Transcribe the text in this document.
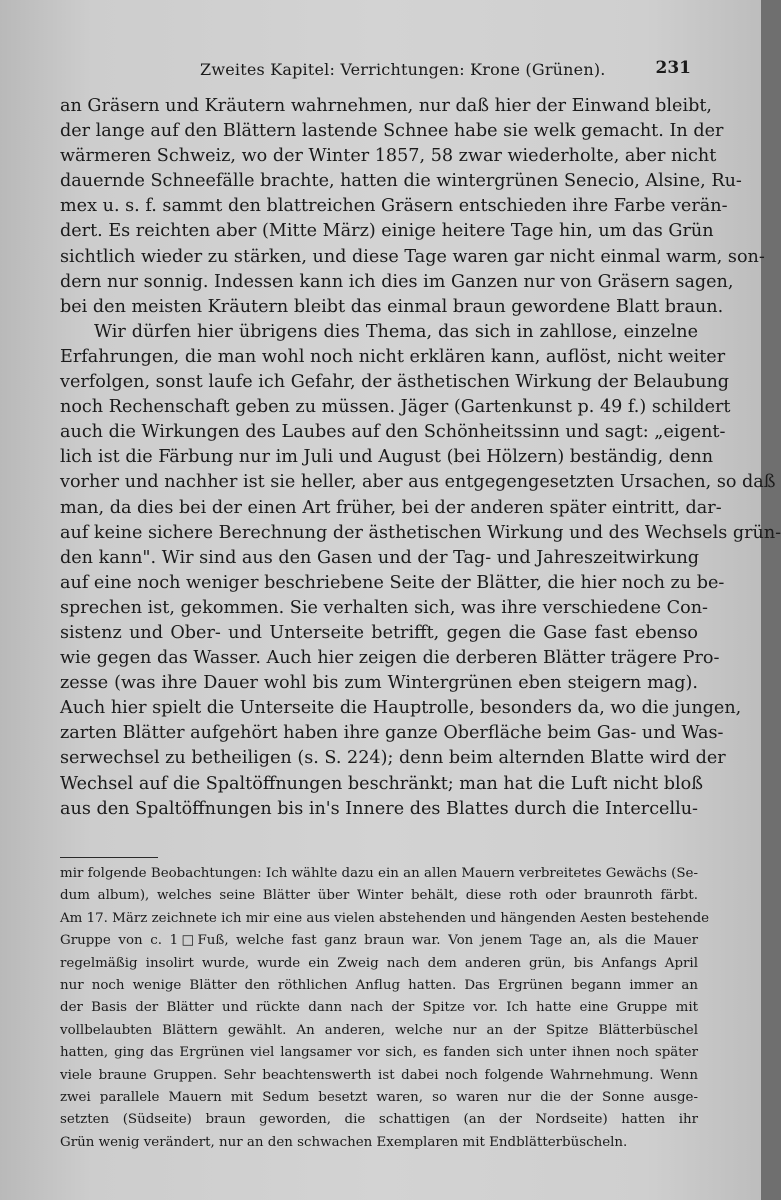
Zweites Kapitel: Verrichtungen: Krone (Grünen).	231
an Gräsern und Kräutern wahrnehmen, nur daß hier der Einwand bleibt,
der lange auf den Blättern lastende Schnee habe sie welk gemacht. In der
wärmeren Schweiz, wo der Winter 1857, 58 zwar wiederholte, aber nicht
dauernde Schneefälle brachte, hatten die wintergrünen Senecio, Alsine, Ru-
mex u. s. f. sammt den blattreichen Gräsern entschieden ihre Farbe verän-
dert. Es reichten aber (Mitte März) einige heitere Tage hin, um das Grün
sichtlich wieder zu stärken, und diese Tage waren gar nicht einmal warm, son-
dern nur sonnig. Indessen kann ich dies im Ganzen nur von Gräsern sagen,
bei den meisten Kräutern bleibt das einmal braun gewordene Blatt braun.
Wir dürfen hier übrigens dies Thema, das sich in zahllose, einzelne
Erfahrungen, die man wohl noch nicht erklären kann, auflöst, nicht weiter
verfolgen, sonst laufe ich Gefahr, der ästhetischen Wirkung der Belaubung
noch Rechenschaft geben zu müssen. Jäger (Gartenkunst p. 49 f.) schildert
auch die Wirkungen des Laubes auf den Schönheitssinn und sagt: „eigent-
lich ist die Färbung nur im Juli und August (bei Hölzern) beständig, denn
vorher und nachher ist sie heller, aber aus entgegengesetzten Ursachen, so daß
man, da dies bei der einen Art früher, bei der anderen später eintritt, dar-
auf keine sichere Berechnung der ästhetischen Wirkung und des Wechsels grün-
den kann". Wir sind aus den Gasen und der Tag- und Jahreszeitwirkung
auf eine noch weniger beschriebene Seite der Blätter, die hier noch zu be-
sprechen ist, gekommen. Sie verhalten sich, was ihre verschiedene Con-
sistenz und Ober- und Unterseite betrifft, gegen die Gase fast ebenso
wie gegen das Wasser. Auch hier zeigen die derberen Blätter trägere Pro-
zesse (was ihre Dauer wohl bis zum Wintergrünen eben steigern mag).
Auch hier spielt die Unterseite die Hauptrolle, besonders da, wo die jungen,
zarten Blätter aufgehört haben ihre ganze Oberfläche beim Gas- und Was-
serwechsel zu betheiligen (s. S. 224); denn beim alternden Blatte wird der
Wechsel auf die Spaltöffnungen beschränkt; man hat die Luft nicht bloß
aus den Spaltöffnungen bis in's Innere des Blattes durch die Intercellu-
mir folgende Beobachtungen: Ich wählte dazu ein an allen Mauern verbreitetes Gewächs (Se-
dum album), welches seine Blätter über Winter behält, diese roth oder braunroth färbt.
Am 17. März zeichnete ich mir eine aus vielen abstehenden und hängenden Aesten bestehende
Gruppe von c. 1□Fuß, welche fast ganz braun war. Von jenem Tage an, als die Mauer
regelmäßig insolirt wurde, wurde ein Zweig nach dem anderen grün, bis Anfangs April
nur noch wenige Blätter den röthlichen Anflug hatten. Das Ergrünen begann immer an
der Basis der Blätter und rückte dann nach der Spitze vor. Ich hatte eine Gruppe mit
vollbelaubten Blättern gewählt. An anderen, welche nur an der Spitze Blätterbüschel
hatten, ging das Ergrünen viel langsamer vor sich, es fanden sich unter ihnen noch später
viele braune Gruppen. Sehr beachtenswerth ist dabei noch folgende Wahrnehmung. Wenn
zwei parallele Mauern mit Sedum besetzt waren, so waren nur die der Sonne ausge-
setzten (Südseite) braun geworden, die schattigen (an der Nordseite) hatten ihr
Grün wenig verändert, nur an den schwachen Exemplaren mit Endblätterbüscheln.
